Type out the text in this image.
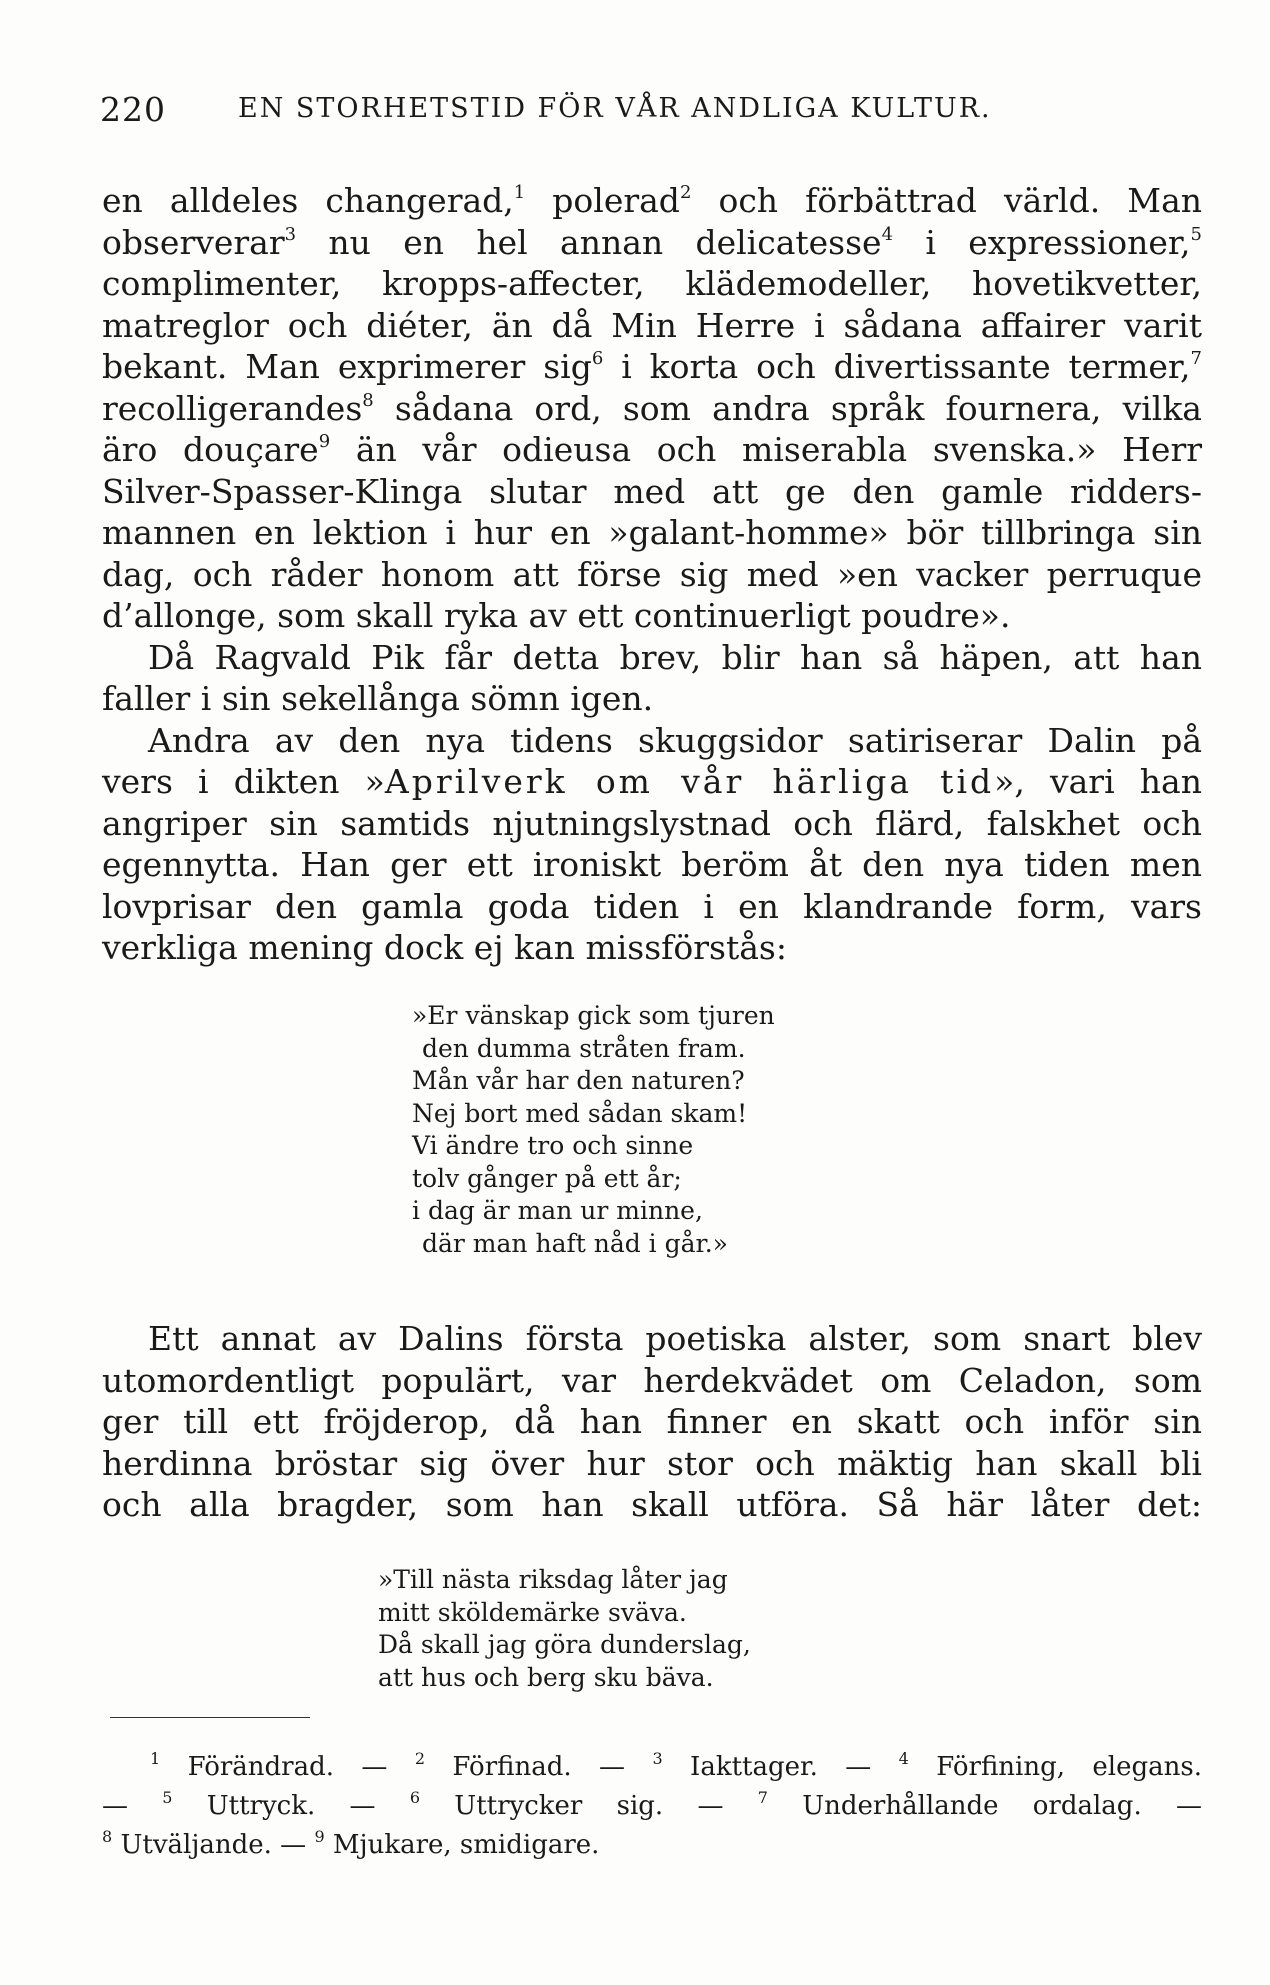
220	EN STORHETSTID FÖR VÅR ANDLIGA KULTUR.

en alldeles changerad,$^1$ polerad$^2$ och förbättrad värld. Man
observerar$^3$ nu en hel annan delicatesse$^4$ i expressioner,$^5$
complimenter, kropps-affecter, klädemodeller, hovetikvetter,
matreglor och diéter, än då Min Herre i sådana affairer varit
bekant. Man exprimerer sig$^6$ i korta och divertissante termer,$^7$
recolligerandes$^8$ sådana ord, som andra språk fournera, vilka
äro douçare$^9$ än vår odieusa och miserabla svenska.» Herr
Silver-Spasser-Klinga slutar med att ge den gamle ridders-
mannen en lektion i hur en »galant-homme» bör tillbringa sin
dag, och råder honom att förse sig med »en vacker perruque
d’allonge, som skall ryka av ett continuerligt poudre».

Då Ragvald Pik får detta brev, blir han så häpen, att han
faller i sin sekellånga sömn igen.

Andra av den nya tidens skuggsidor satiriserar Dalin på
vers i dikten »Aprilverk om vår härliga tid», vari han
angriper sin samtids njutningslystnad och flärd, falskhet och
egennytta. Han ger ett ironiskt beröm åt den nya tiden men
lovprisar den gamla goda tiden i en klandrande form, vars
verkliga mening dock ej kan missförstås:

»Er vänskap gick som tjuren
den dumma stråten fram.
Mån vår har den naturen?
Nej bort med sådan skam!
Vi ändre tro och sinne
tolv gånger på ett år;
i dag är man ur minne,
där man haft nåd i går.»

Ett annat av Dalins första poetiska alster, som snart blev
utomordentligt populärt, var herdekvädet om Celadon, som
ger till ett fröjderop, då han finner en skatt och inför sin
herdinna bröstar sig över hur stor och mäktig han skall bli
och alla bragder, som han skall utföra. Så här låter det:

»Till nästa riksdag låter jag
mitt sköldemärke sväva.
Då skall jag göra dunderslag,
att hus och berg sku bäva.
$^1$ Förändrad. — $^2$ Förfinad. — $^3$ Iakttager. — $^4$ Förfining, elegans.
— $^5$ Uttryck. — $^6$ Uttrycker sig. — $^7$ Underhållande ordalag. —
$^8$ Utväljande. — $^9$ Mjukare, smidigare.
